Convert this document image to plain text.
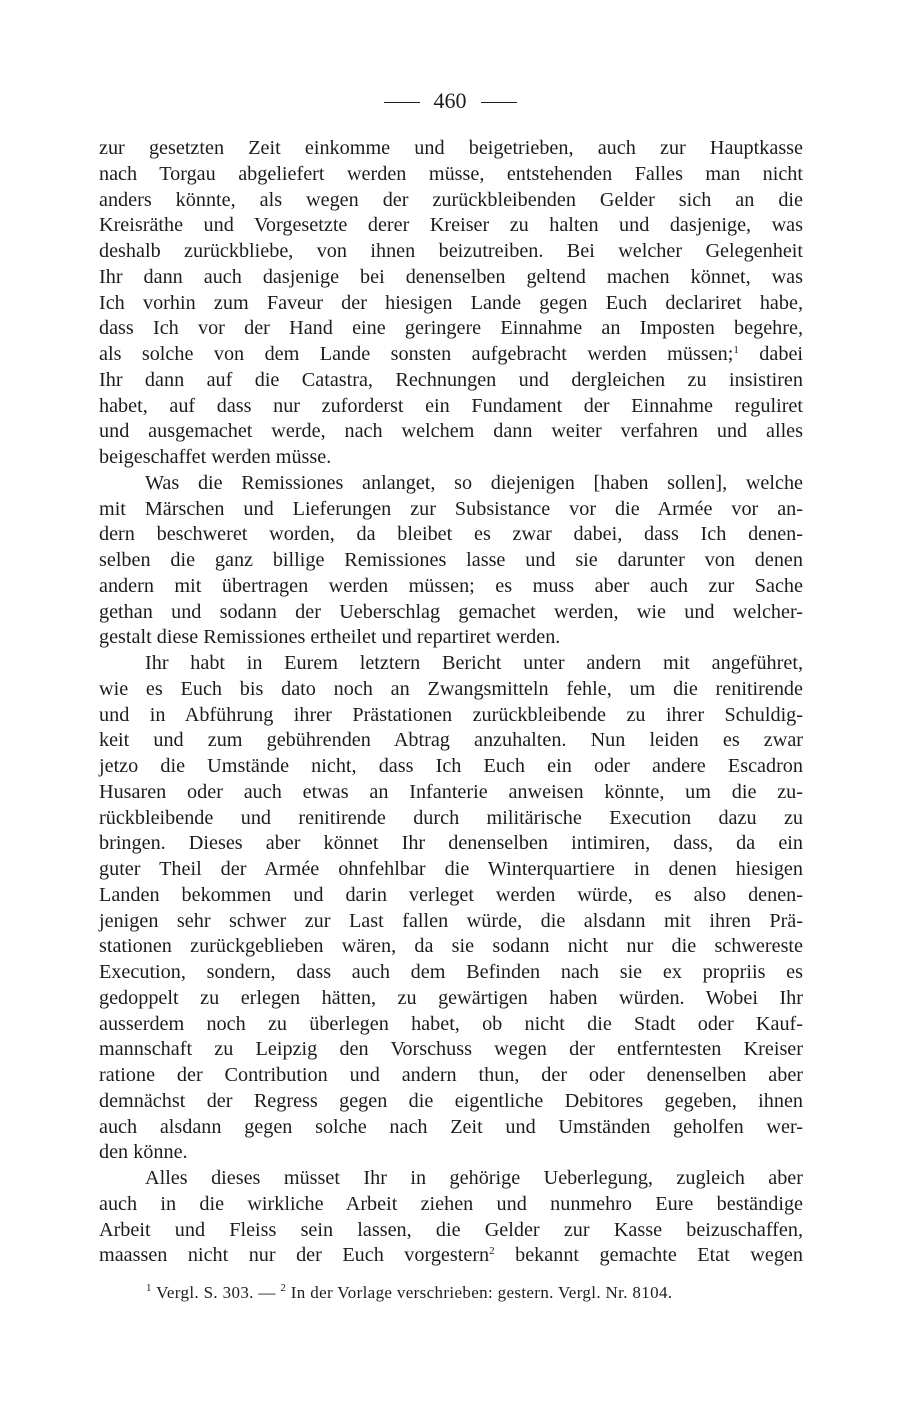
460

zur gesetzten Zeit einkomme und beigetrieben, auch zur Hauptkasse
nach Torgau abgeliefert werden müsse, entstehenden Falles man nicht
anders könnte, als wegen der zurückbleibenden Gelder sich an die
Kreisräthe und Vorgesetzte derer Kreiser zu halten und dasjenige, was
deshalb zurückbliebe, von ihnen beizutreiben. Bei welcher Gelegenheit
Ihr dann auch dasjenige bei denenselben geltend machen könnet, was
Ich vorhin zum Faveur der hiesigen Lande gegen Euch declariret habe,
dass Ich vor der Hand eine geringere Einnahme an Imposten begehre,
als solche von dem Lande sonsten aufgebracht werden müssen;$^1$ dabei
Ihr dann auf die Catastra, Rechnungen und dergleichen zu insistiren
habet, auf dass nur zuforderst ein Fundament der Einnahme reguliret
und ausgemachet werde, nach welchem dann weiter verfahren und alles
beigeschaffet werden müsse.
Was die Remissiones anlanget, so diejenigen [haben sollen], welche
mit Märschen und Lieferungen zur Subsistance vor die Armée vor an-
dern beschweret worden, da bleibet es zwar dabei, dass Ich denen-
selben die ganz billige Remissiones lasse und sie darunter von denen
andern mit übertragen werden müssen; es muss aber auch zur Sache
gethan und sodann der Ueberschlag gemachet werden, wie und welcher-
gestalt diese Remissiones ertheilet und repartiret werden.
Ihr habt in Eurem letztern Bericht unter andern mit angeführet,
wie es Euch bis dato noch an Zwangsmitteln fehle, um die renitirende
und in Abführung ihrer Prästationen zurückbleibende zu ihrer Schuldig-
keit und zum gebührenden Abtrag anzuhalten. Nun leiden es zwar
jetzo die Umstände nicht, dass Ich Euch ein oder andere Escadron
Husaren oder auch etwas an Infanterie anweisen könnte, um die zu-
rückbleibende und renitirende durch militärische Execution dazu zu
bringen. Dieses aber könnet Ihr denenselben intimiren, dass, da ein
guter Theil der Armée ohnfehlbar die Winterquartiere in denen hiesigen
Landen bekommen und darin verleget werden würde, es also denen-
jenigen sehr schwer zur Last fallen würde, die alsdann mit ihren Prä-
stationen zurückgeblieben wären, da sie sodann nicht nur die schwereste
Execution, sondern, dass auch dem Befinden nach sie ex propriis es
gedoppelt zu erlegen hätten, zu gewärtigen haben würden. Wobei Ihr
ausserdem noch zu überlegen habet, ob nicht die Stadt oder Kauf-
mannschaft zu Leipzig den Vorschuss wegen der entferntesten Kreiser
ratione der Contribution und andern thun, der oder denenselben aber
demnächst der Regress gegen die eigentliche Debitores gegeben, ihnen
auch alsdann gegen solche nach Zeit und Umständen geholfen wer-
den könne.
Alles dieses müsset Ihr in gehörige Ueberlegung, zugleich aber
auch in die wirkliche Arbeit ziehen und nunmehro Eure beständige
Arbeit und Fleiss sein lassen, die Gelder zur Kasse beizuschaffen,
maassen nicht nur der Euch vorgestern$^2$ bekannt gemachte Etat wegen

$^1$ Vergl. S. 303. — $^2$ In der Vorlage verschrieben: gestern. Vergl. Nr. 8104.
